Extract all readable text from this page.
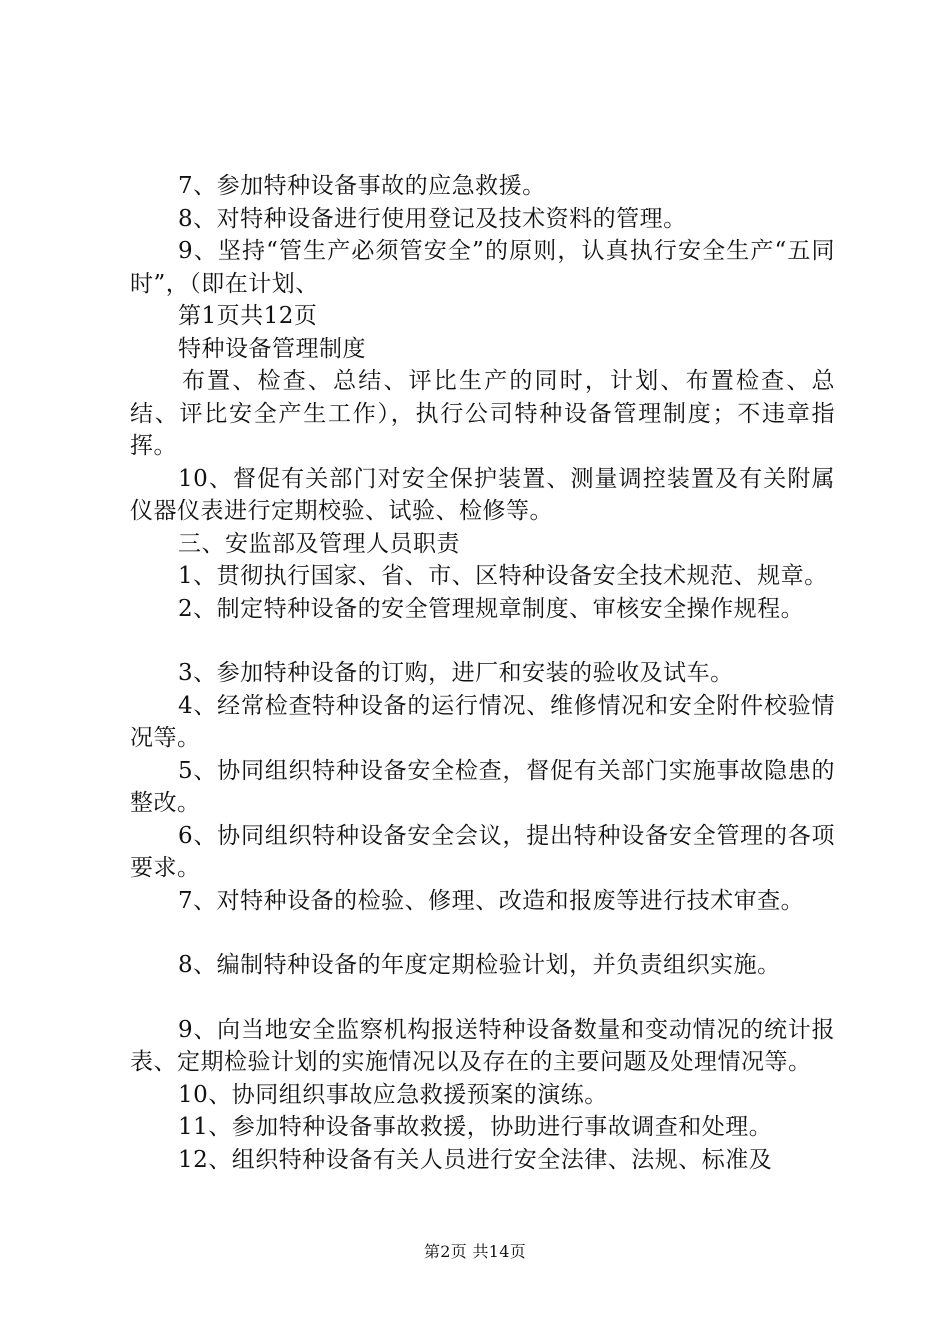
7、参加特种设备事故的应急救援。

8、对特种设备进行使用登记及技术资料的管理。

9、坚持“管生产必须管安全”的原则，认真执行安全生产“五同时”，（即在计划、

第1页共12页

特种设备管理制度

布置、检查、总结、评比生产的同时，计划、布置检查、总结、评比安全产生工作），执行公司特种设备管理制度；不违章指挥。

10、督促有关部门对安全保护装置、测量调控装置及有关附属仪器仪表进行定期校验、试验、检修等。

三、安监部及管理人员职责

1、贯彻执行国家、省、市、区特种设备安全技术规范、规章。

2、制定特种设备的安全管理规章制度、审核安全操作规程。

3、参加特种设备的订购，进厂和安装的验收及试车。

4、经常检查特种设备的运行情况、维修情况和安全附件校验情况等。

5、协同组织特种设备安全检查，督促有关部门实施事故隐患的整改。

6、协同组织特种设备安全会议，提出特种设备安全管理的各项要求。

7、对特种设备的检验、修理、改造和报废等进行技术审查。

8、编制特种设备的年度定期检验计划，并负责组织实施。

9、向当地安全监察机构报送特种设备数量和变动情况的统计报表、定期检验计划的实施情况以及存在的主要问题及处理情况等。

10、协同组织事故应急救援预案的演练。

11、参加特种设备事故救援，协助进行事故调查和处理。

12、组织特种设备有关人员进行安全法律、法规、标准及

第2页 共14页
